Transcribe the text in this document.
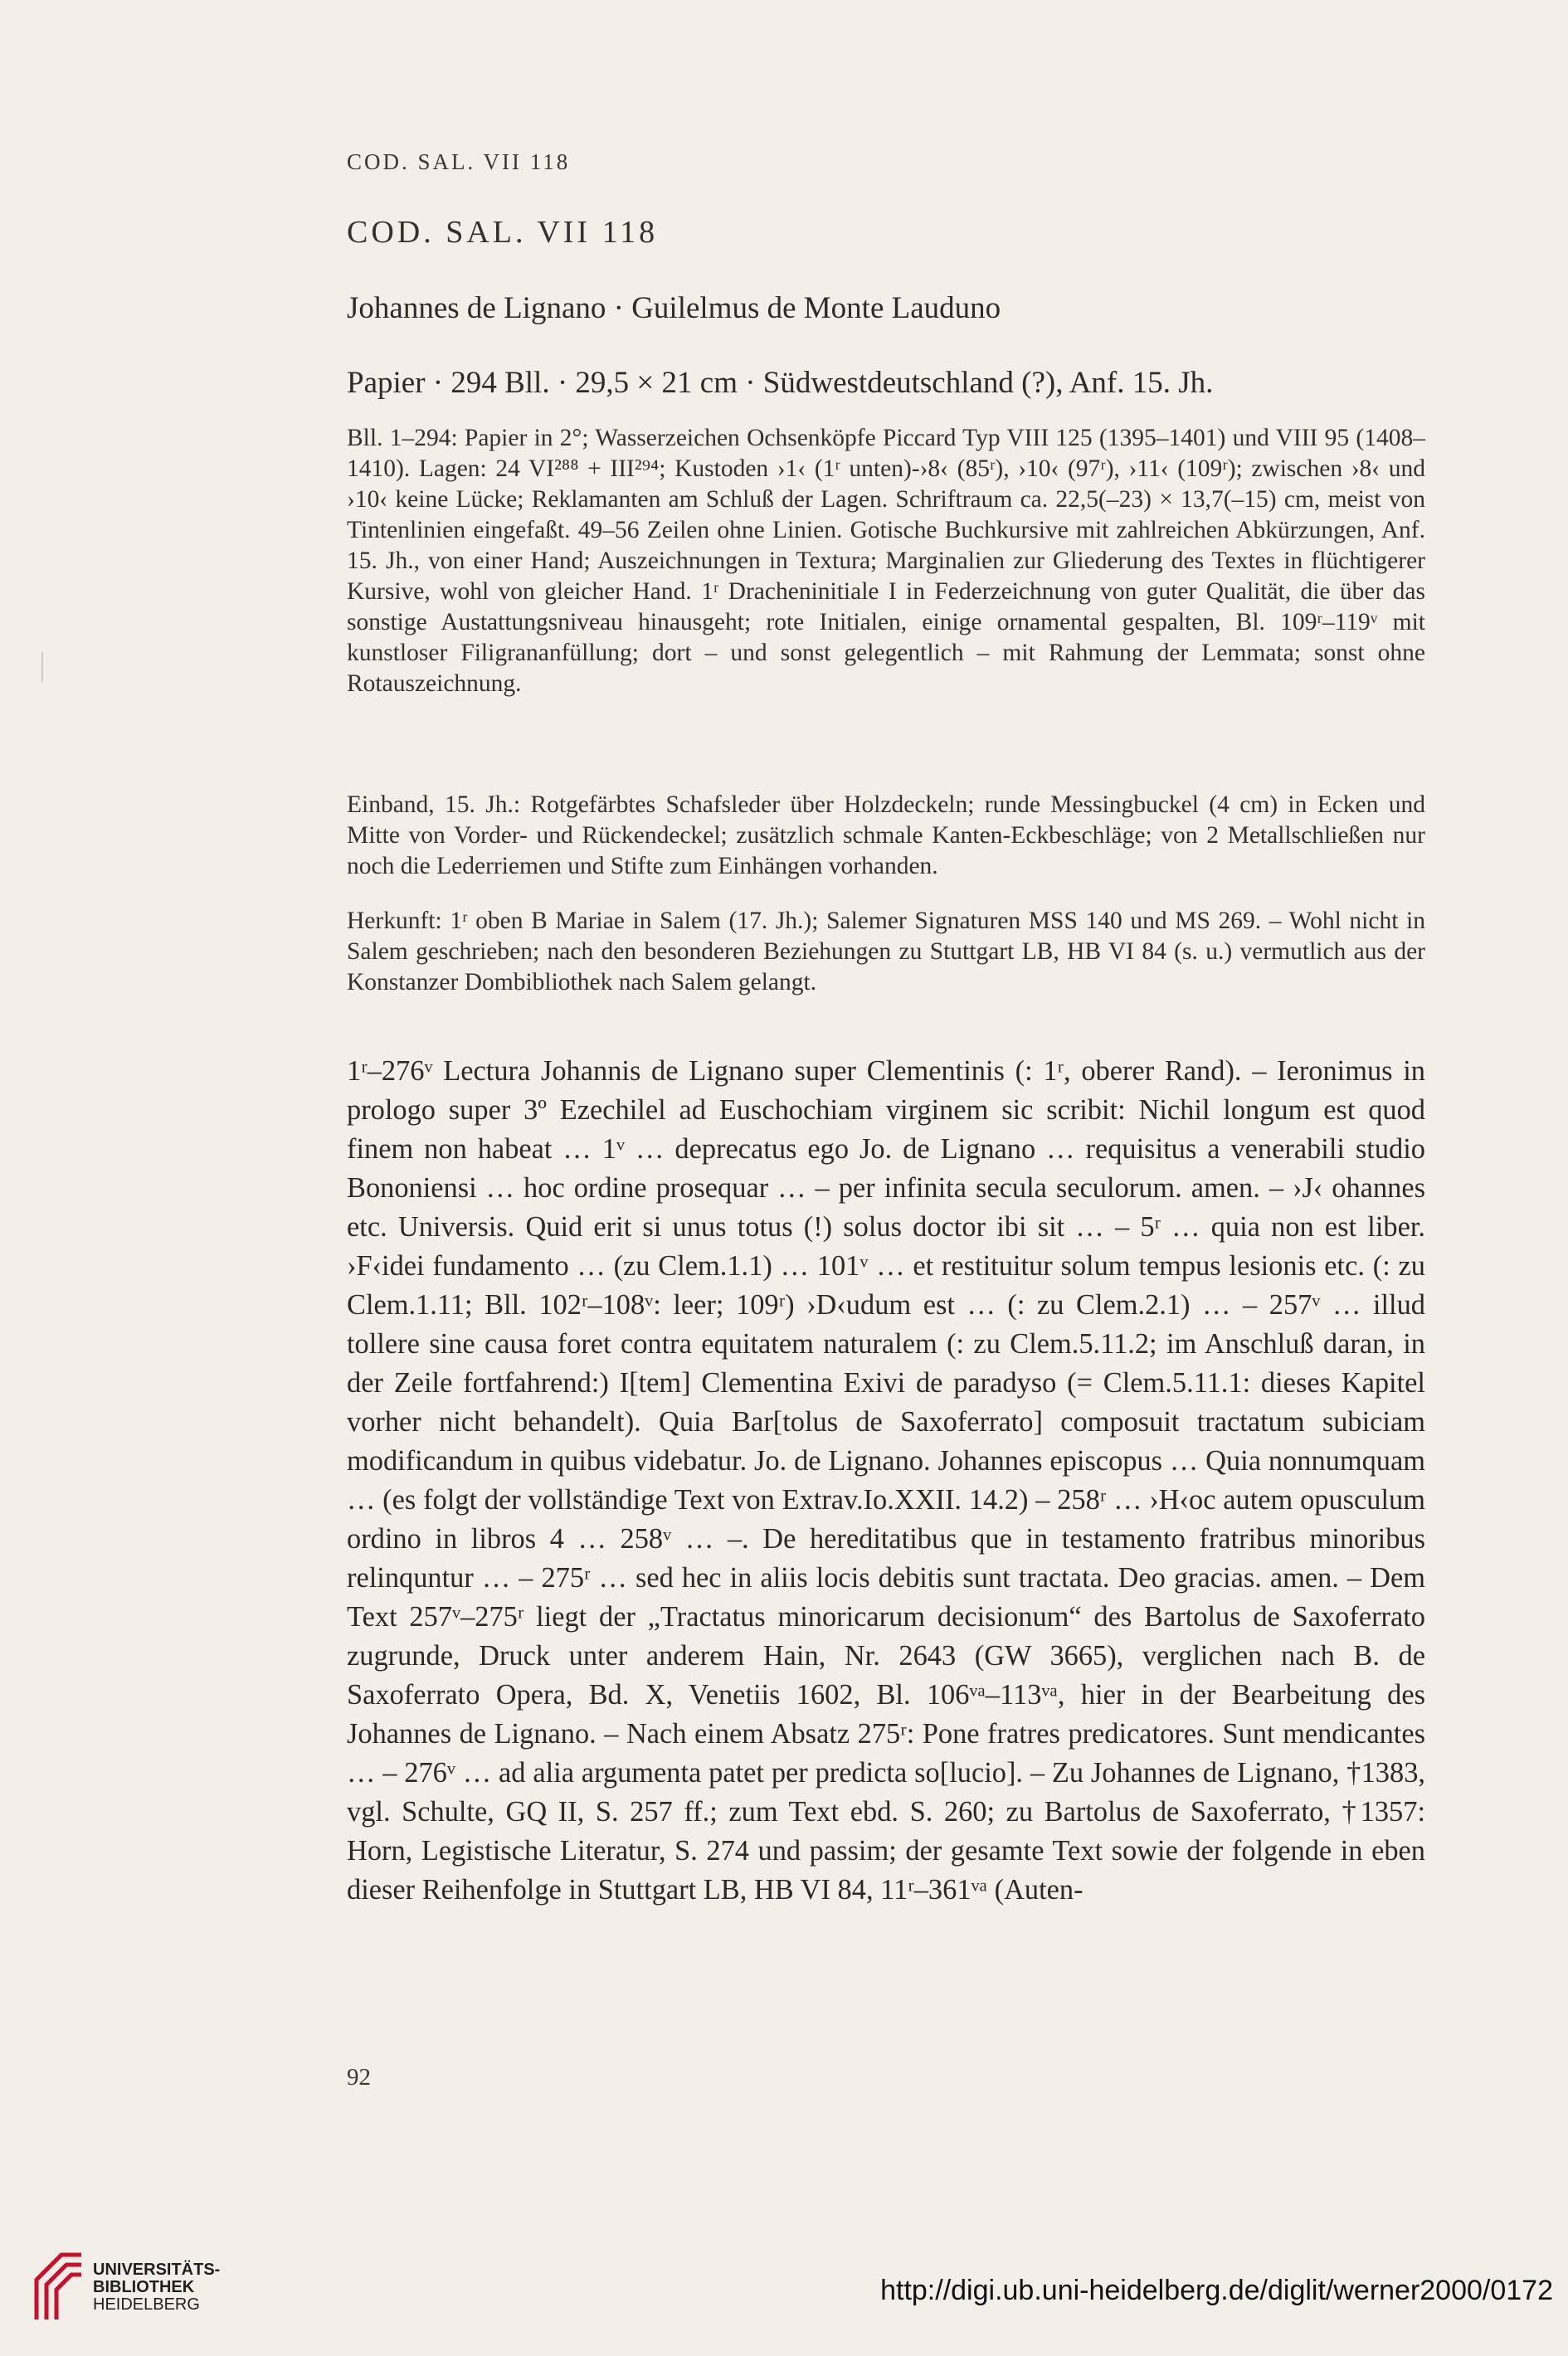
COD. SAL. VII 118
COD. SAL. VII 118
Johannes de Lignano · Guilelmus de Monte Lauduno
Papier · 294 Bll. · 29,5 × 21 cm · Südwestdeutschland (?), Anf. 15. Jh.

Bll. 1–294: Papier in 2°; Wasserzeichen Ochsenköpfe Piccard Typ VIII 125 (1395–1401) und VIII 95 (1408–1410). Lagen: 24 VI²⁸⁸ + III²⁹⁴; Kustoden ›1‹ (1ʳ unten)-›8‹ (85ʳ), ›10‹ (97ʳ), ›11‹ (109ʳ); zwischen ›8‹ und ›10‹ keine Lücke; Reklamanten am Schluß der Lagen. Schriftraum ca. 22,5(–23) × 13,7(–15) cm, meist von Tintenlinien eingefaßt. 49–56 Zeilen ohne Linien. Gotische Buchkursive mit zahlreichen Abkürzungen, Anf. 15. Jh., von einer Hand; Auszeichnungen in Textura; Marginalien zur Gliederung des Textes in flüchtigerer Kursive, wohl von gleicher Hand. 1ʳ Dracheninitiale I in Federzeichnung von guter Qualität, die über das sonstige Austattungsniveau hinausgeht; rote Initialen, einige ornamental gespalten, Bl. 109ʳ–119ᵛ mit kunstloser Filigrananfüllung; dort – und sonst gelegentlich – mit Rahmung der Lemmata; sonst ohne Rotauszeichnung.

Einband, 15. Jh.: Rotgefärbtes Schafsleder über Holzdeckeln; runde Messingbuckel (4 cm) in Ecken und Mitte von Vorder- und Rückendeckel; zusätzlich schmale Kanten-Eckbeschläge; von 2 Metallschließen nur noch die Lederriemen und Stifte zum Einhängen vorhanden.

Herkunft: 1ʳ oben B Mariae in Salem (17. Jh.); Salemer Signaturen MSS 140 und MS 269. – Wohl nicht in Salem geschrieben; nach den besonderen Beziehungen zu Stuttgart LB, HB VI 84 (s. u.) vermutlich aus der Konstanzer Dombibliothek nach Salem gelangt.

1ʳ–276ᵛ Lectura Johannis de Lignano super Clementinis (: 1ʳ, oberer Rand). – Ieronimus in prologo super 3º Ezechilel ad Euschochiam virginem sic scribit: Nichil longum est quod finem non habeat … 1ᵛ … deprecatus ego Jo. de Lignano … requisitus a venerabili studio Bononiensi … hoc ordine prosequar … – per infinita secula seculorum. amen. – ›J‹ ohannes etc. Universis. Quid erit si unus totus (!) solus doctor ibi sit … – 5ʳ … quia non est liber. ›F‹idei fundamento … (zu Clem.1.1) … 101ᵛ … et restituitur solum tempus lesionis etc. (: zu Clem.1.11; Bll. 102ʳ–108ᵛ: leer; 109ʳ) ›D‹udum est … (: zu Clem.2.1) … – 257ᵛ … illud tollere sine causa foret contra equitatem naturalem (: zu Clem.5.11.2; im Anschluß daran, in der Zeile fortfahrend:) I[tem] Clementina Exivi de paradyso (= Clem.5.11.1: dieses Kapitel vorher nicht behandelt). Quia Bar[tolus de Saxoferrato] composuit tractatum subiciam modificandum in quibus videbatur. Jo. de Lignano. Johannes episcopus … Quia nonnumquam … (es folgt der vollständige Text von Extrav.Io.XXII. 14.2) – 258ʳ … ›H‹oc autem opusculum ordino in libros 4 … 258ᵛ … –. De hereditatibus que in testamento fratribus minoribus relinquntur … – 275ʳ … sed hec in aliis locis debitis sunt tractata. Deo gracias. amen. – Dem Text 257ᵛ–275ʳ liegt der „Tractatus minoricarum decisionum“ des Bartolus de Saxoferrato zugrunde, Druck unter anderem Hain, Nr. 2643 (GW 3665), verglichen nach B. de Saxoferrato Opera, Bd. X, Venetiis 1602, Bl. 106ᵛᵃ–113ᵛᵃ, hier in der Bearbeitung des Johannes de Lignano. – Nach einem Absatz 275ʳ: Pone fratres predicatores. Sunt mendicantes … – 276ᵛ … ad alia argumenta patet per predicta so[lucio]. – Zu Johannes de Lignano, †1383, vgl. Schulte, GQ II, S. 257 ff.; zum Text ebd. S. 260; zu Bartolus de Saxoferrato, †1357: Horn, Legistische Literatur, S. 274 und passim; der gesamte Text sowie der folgende in eben dieser Reihenfolge in Stuttgart LB, HB VI 84, 11ʳ–361ᵛᵃ (Auten-

92
UNIVERSITÄTS-
BIBLIOTHEK
HEIDELBERG	http://digi.ub.uni-heidelberg.de/diglit/werner2000/0172
